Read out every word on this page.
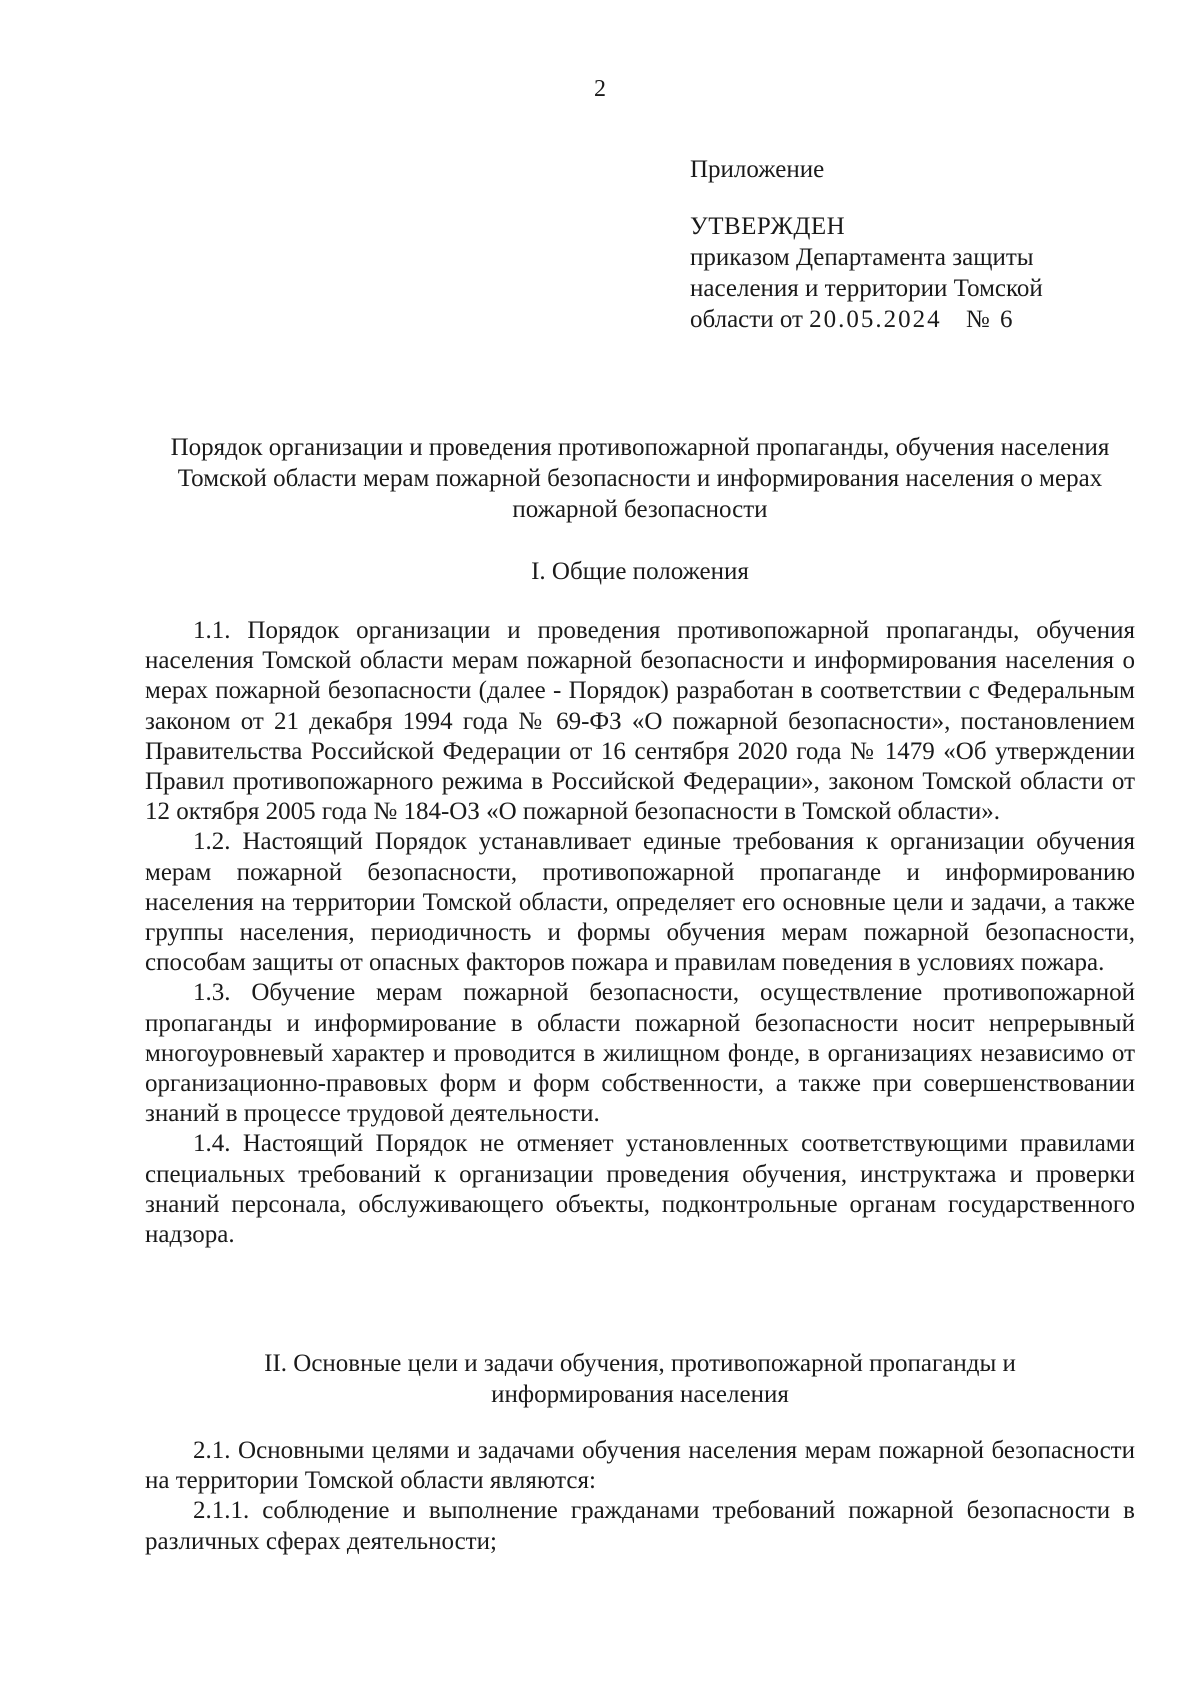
2
Приложение
УТВЕРЖДЕН
приказом Департамента защиты
населения и территории Томской
области от 20.05.2024 № 6
Порядок организации и проведения противопожарной пропаганды, обучения населения Томской области мерам пожарной безопасности и информирования населения о мерах пожарной безопасности
I. Общие положения

1.1. Порядок организации и проведения противопожарной пропаганды, обучения населения Томской области мерам пожарной безопасности и информирования населения о мерах пожарной безопасности (далее - Порядок) разработан в соответствии с Федеральным законом от 21 декабря 1994 года № 69-ФЗ «О пожарной безопасности», постановлением Правительства Российской Федерации от 16 сентября 2020 года № 1479 «Об утверждении Правил противопожарного режима в Российской Федерации», законом Томской области от 12 октября 2005 года № 184-ОЗ «О пожарной безопасности в Томской области».

1.2. Настоящий Порядок устанавливает единые требования к организации обучения мерам пожарной безопасности, противопожарной пропаганде и информированию населения на территории Томской области, определяет его основные цели и задачи, а также группы населения, периодичность и формы обучения мерам пожарной безопасности, способам защиты от опасных факторов пожара и правилам поведения в условиях пожара.

1.3. Обучение мерам пожарной безопасности, осуществление противопожарной пропаганды и информирование в области пожарной безопасности носит непрерывный многоуровневый характер и проводится в жилищном фонде, в организациях независимо от организационно-правовых форм и форм собственности, а также при совершенствовании знаний в процессе трудовой деятельности.

1.4. Настоящий Порядок не отменяет установленных соответствующими правилами специальных требований к организации проведения обучения, инструктажа и проверки знаний персонала, обслуживающего объекты, подконтрольные органам государственного надзора.

II. Основные цели и задачи обучения, противопожарной пропаганды и
информирования населения

2.1. Основными целями и задачами обучения населения мерам пожарной безопасности на территории Томской области являются:

2.1.1. соблюдение и выполнение гражданами требований пожарной безопасности в различных сферах деятельности;
